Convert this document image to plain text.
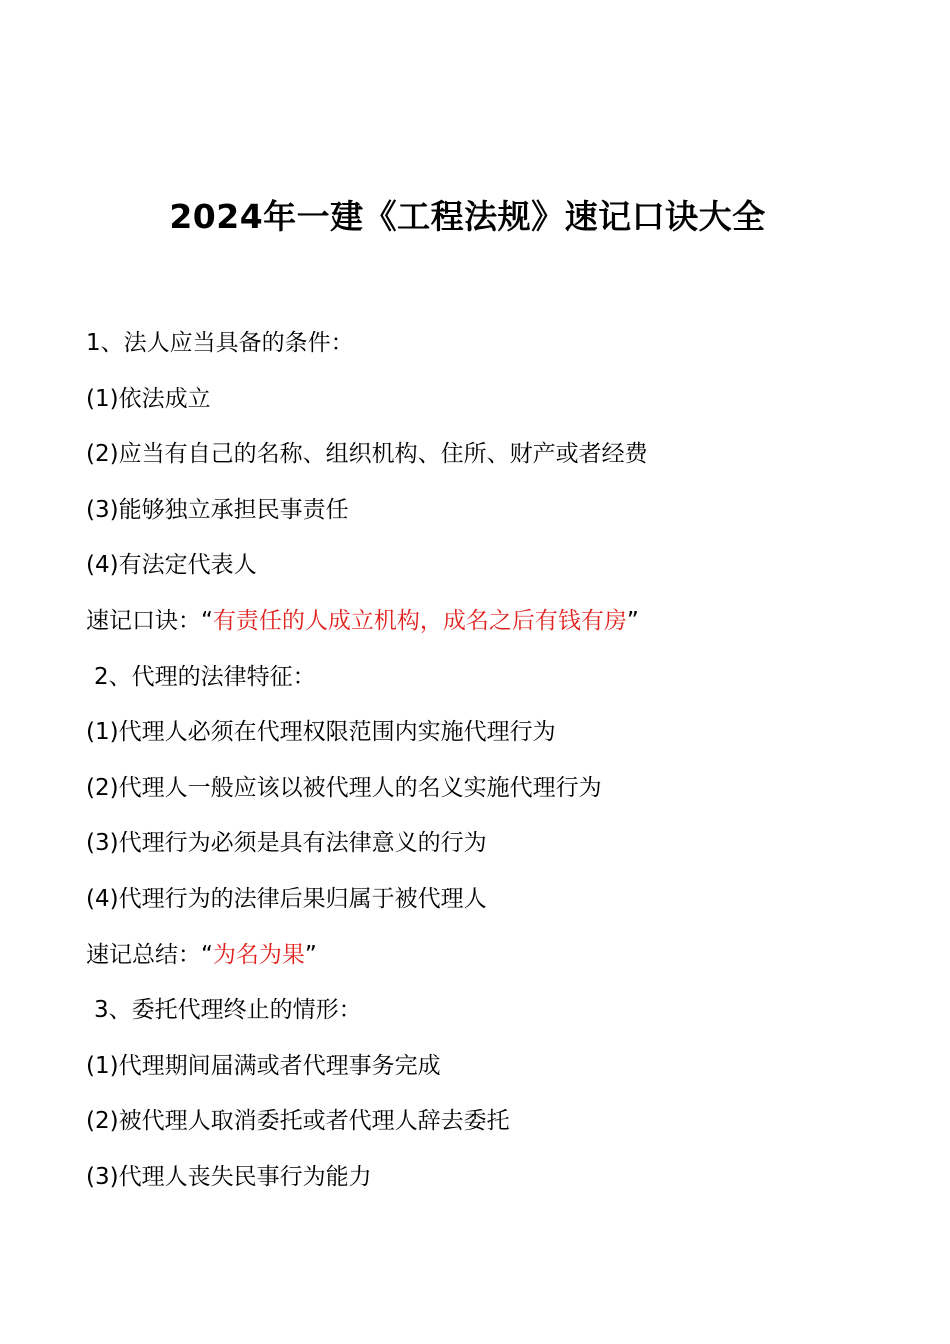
2024年一建《工程法规》速记口诀大全
1、法人应当具备的条件：
(1)依法成立
(2)应当有自己的名称、组织机构、住所、财产或者经费
(3)能够独立承担民事责任
(4)有法定代表人
速记口诀：“有责任的人成立机构，成名之后有钱有房”
2、代理的法律特征：
(1)代理人必须在代理权限范围内实施代理行为
(2)代理人一般应该以被代理人的名义实施代理行为
(3)代理行为必须是具有法律意义的行为
(4)代理行为的法律后果归属于被代理人
速记总结：“为名为果”
3、委托代理终止的情形：
(1)代理期间届满或者代理事务完成
(2)被代理人取消委托或者代理人辞去委托
(3)代理人丧失民事行为能力
